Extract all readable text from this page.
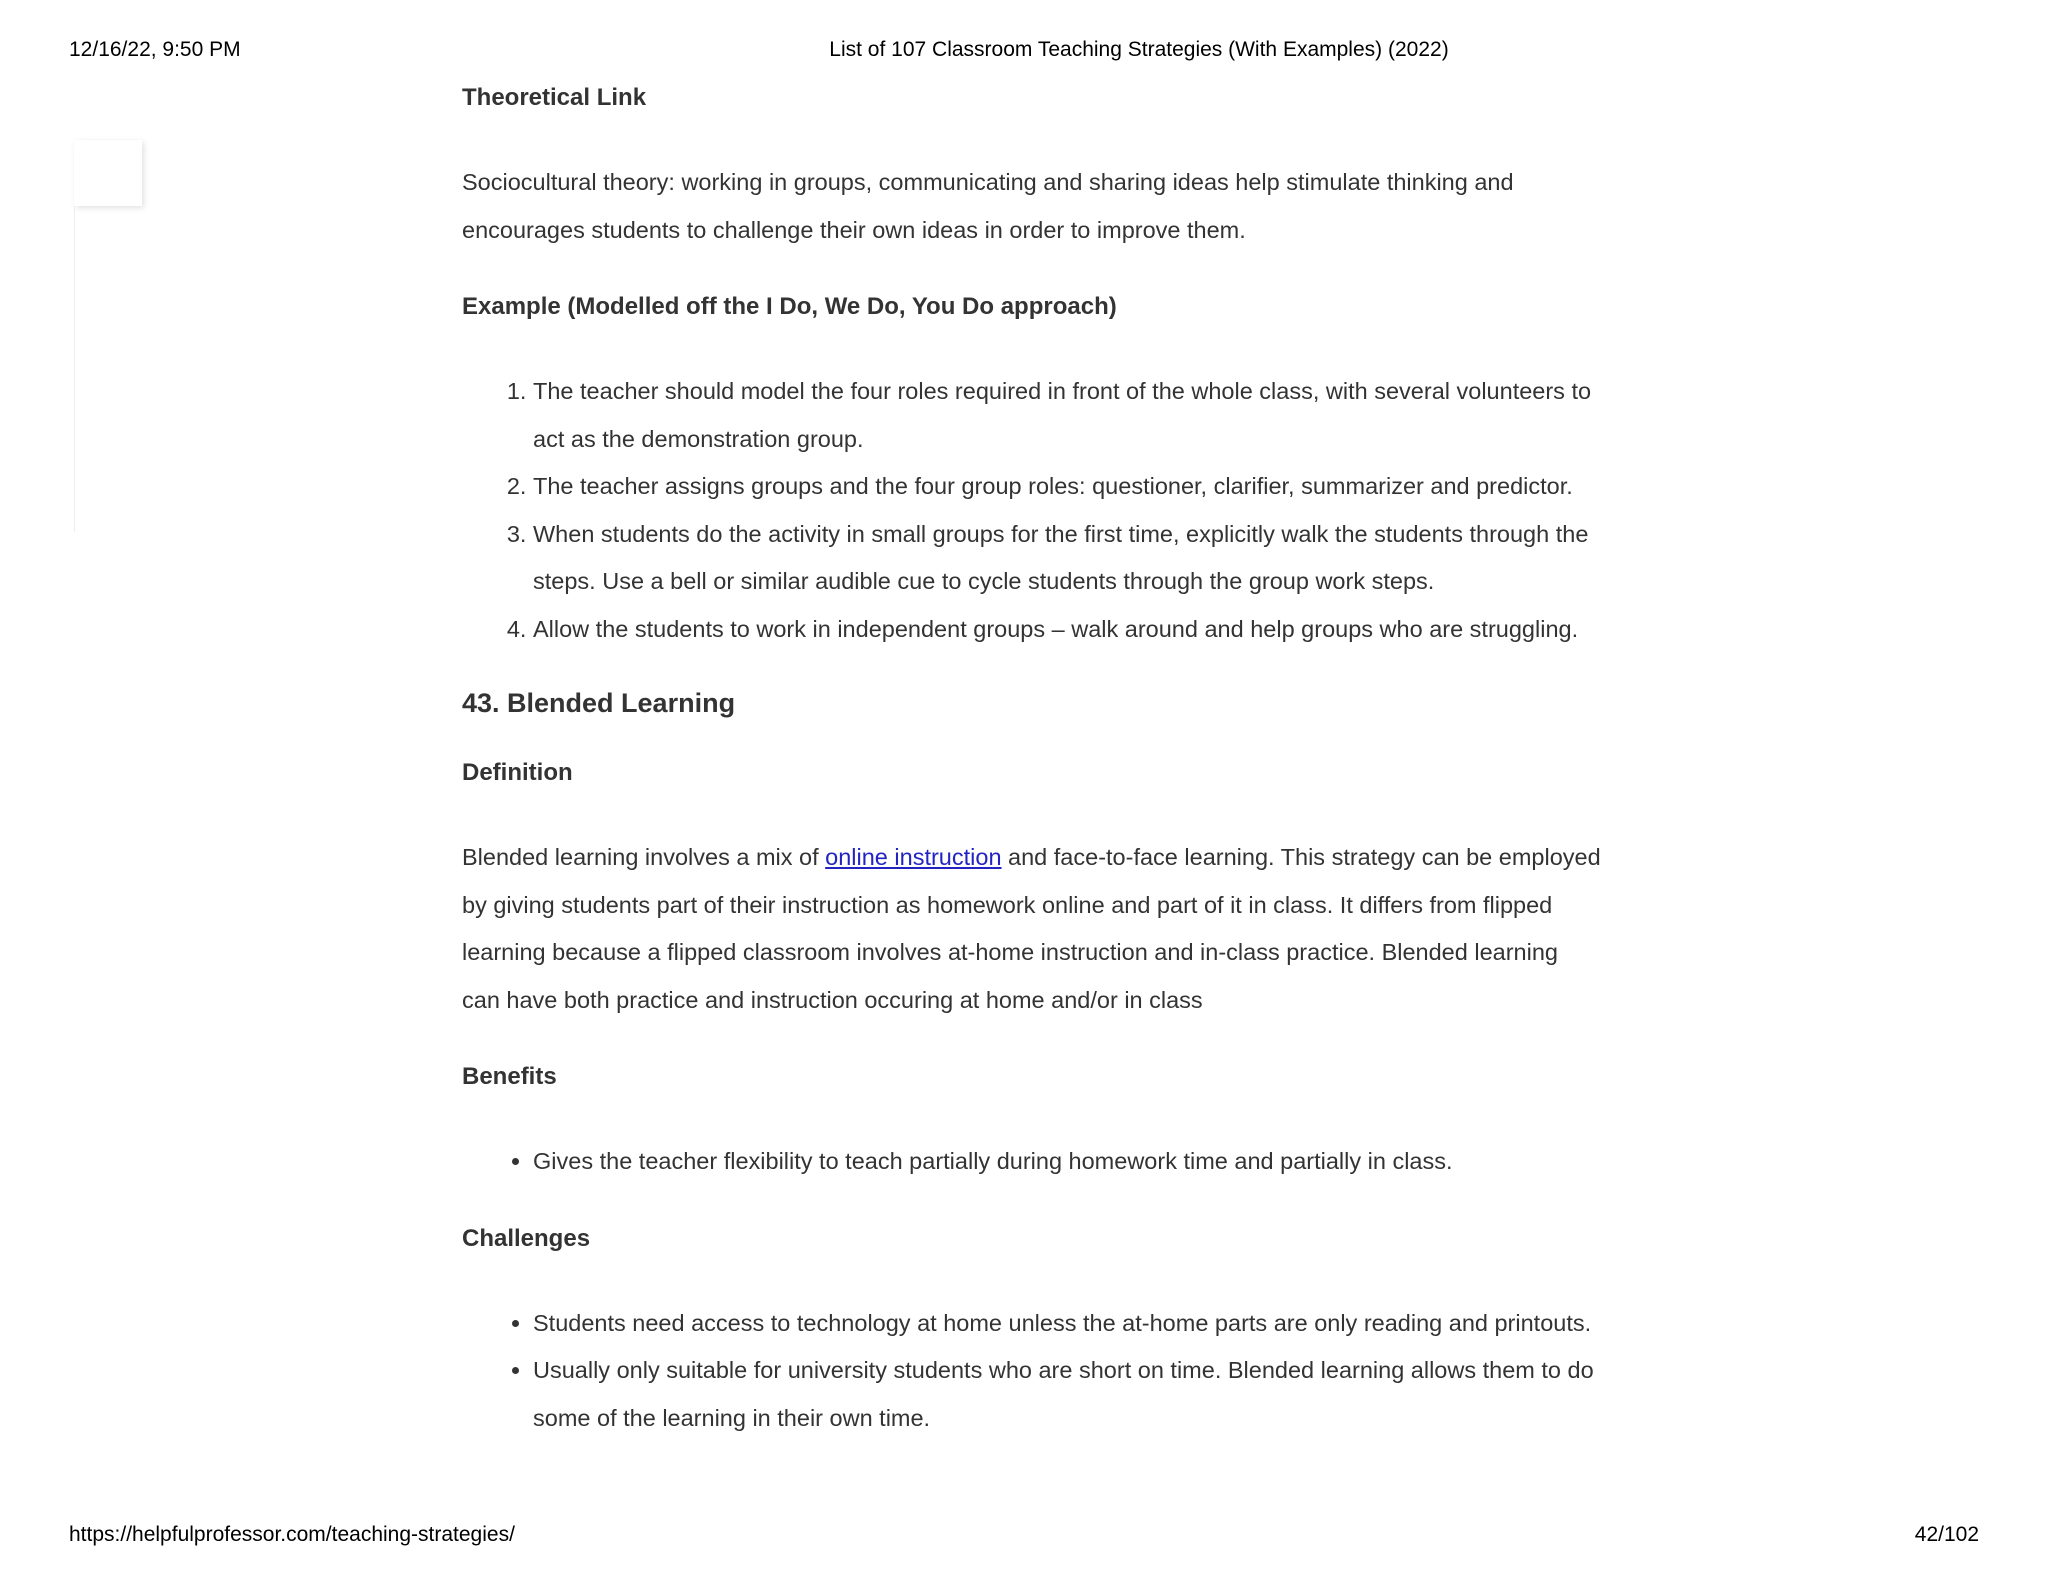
12/16/22, 9:50 PM	List of 107 Classroom Teaching Strategies (With Examples) (2022)
Theoretical Link

Sociocultural theory: working in groups, communicating and sharing ideas help stimulate thinking and encourages students to challenge their own ideas in order to improve them.

Example (Modelled off the I Do, We Do, You Do approach)
1. The teacher should model the four roles required in front of the whole class, with several volunteers to act as the demonstration group.
2. The teacher assigns groups and the four group roles: questioner, clarifier, summarizer and predictor.
3. When students do the activity in small groups for the first time, explicitly walk the students through the steps. Use a bell or similar audible cue to cycle students through the group work steps.
4. Allow the students to work in independent groups – walk around and help groups who are struggling.
43. Blended Learning
Definition

Blended learning involves a mix of online instruction and face-to-face learning. This strategy can be employed by giving students part of their instruction as homework online and part of it in class. It differs from flipped learning because a flipped classroom involves at-home instruction and in-class practice. Blended learning can have both practice and instruction occuring at home and/or in class

Benefits
• Gives the teacher flexibility to teach partially during homework time and partially in class.
Challenges
• Students need access to technology at home unless the at-home parts are only reading and printouts.
• Usually only suitable for university students who are short on time. Blended learning allows them to do some of the learning in their own time.
https://helpfulprofessor.com/teaching-strategies/	42/102
